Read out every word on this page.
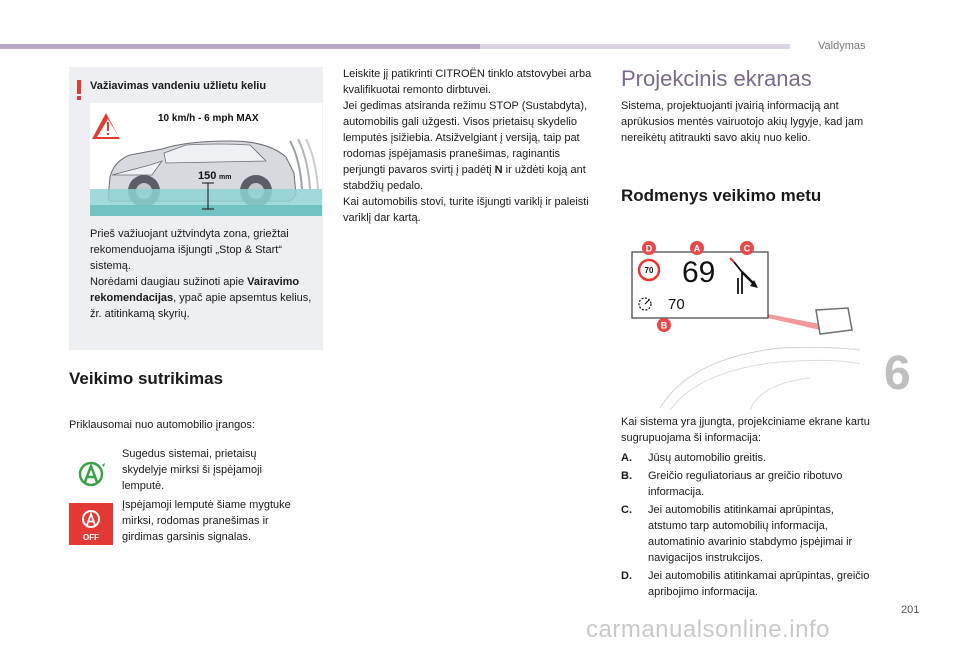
Valdymas
Važiavimas vandeniu užlietu keliu
10 km/h - 6 mph MAX
150 mm
Prieš važiuojant užtvindyta zona, griežtai rekomenduojama išjungti „Stop & Start“ sistemą.
Norėdami daugiau sužinoti apie Vairavimo rekomendacijas, ypač apie apsemtus kelius, žr. atitinkamą skyrių.
Veikimo sutrikimas
Priklausomai nuo automobilio įrangos:
Sugedus sistemai, prietaisų skydelyje mirksi ši įspėjamoji lemputė.
OFF
Įspėjamoji lemputė šiame mygtuke mirksi, rodomas pranešimas ir girdimas garsinis signalas.
Leiskite jį patikrinti CITROËN tinklo atstovybei arba kvalifikuotai remonto dirbtuvei.
Jei gedimas atsiranda režimu STOP (Sustabdyta), automobilis gali užgesti. Visos prietaisų skydelio lemputės įsižiebia. Atsižvelgiant į versiją, taip pat rodomas įspėjamasis pranešimas, raginantis perjungti pavaros svirtį į padėtį N ir uždėti koją ant stabdžių pedalo.
Kai automobilis stovi, turite išjungti variklį ir paleisti variklį dar kartą.
Projekcinis ekranas
Sistema, projektuojanti įvairią informaciją ant aprūkusios mentės vairuotojo akių lygyje, kad jam nereikėtų atitraukti savo akių nuo kelio.
Rodmenys veikimo metu
70 69
70
D	A	C
B
Kai sistema yra įjungta, projekciniame ekrane kartu sugrupuojama ši informacija:
A. Jūsų automobilio greitis.
B. Greičio reguliatoriaus ar greičio ribotuvo informacija.
C. Jei automobilis atitinkamai aprūpintas, atstumo tarp automobilių informacija, automatinio avarinio stabdymo įspėjimai ir navigacijos instrukcijos.
D. Jei automobilis atitinkamai aprūpintas, greičio apribojimo informacija.
6
201
carmanualsonline.info
